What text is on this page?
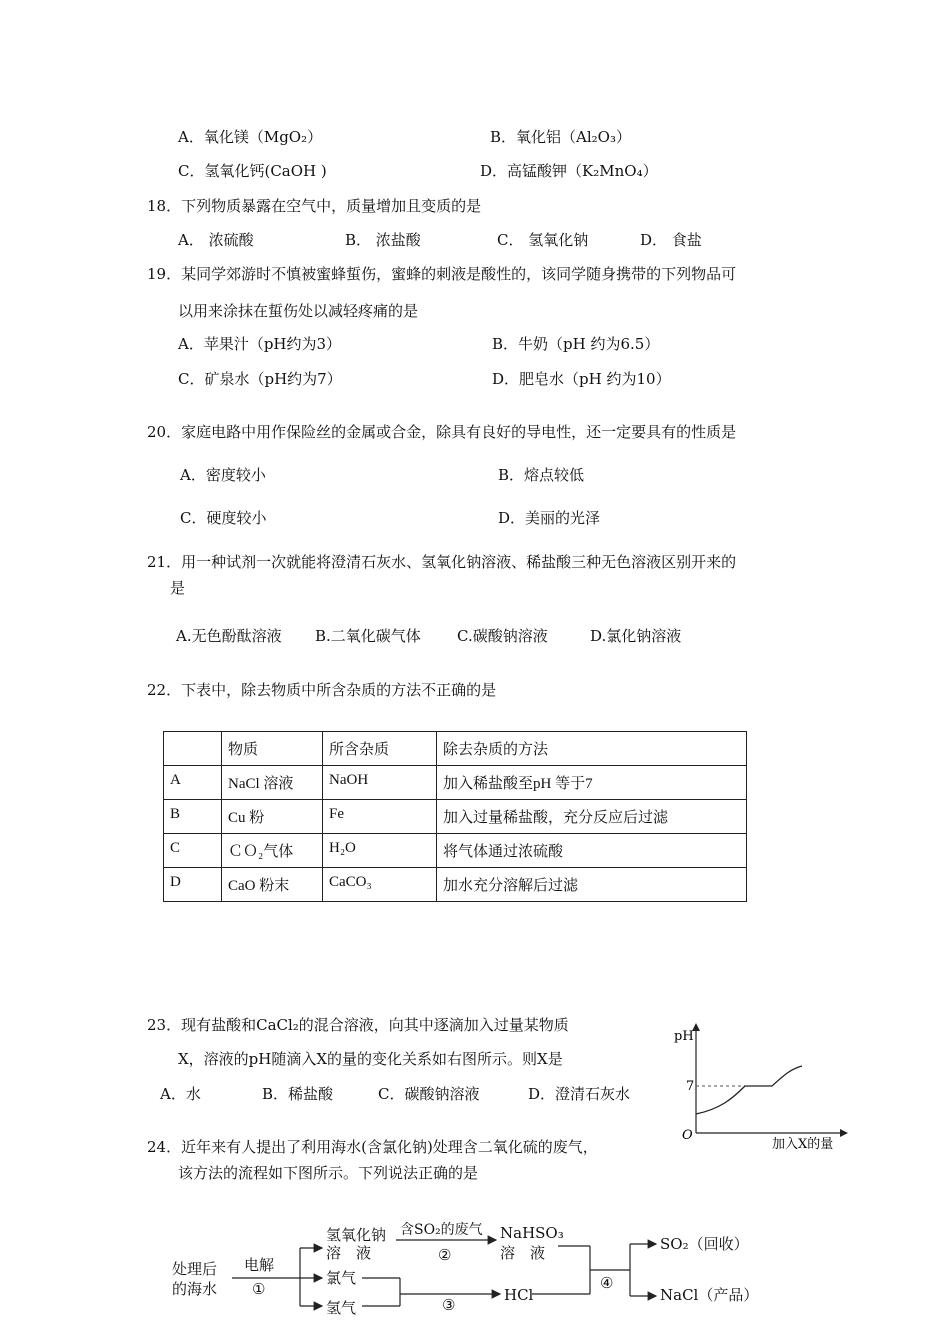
A．氧化镁（MgO₂）	B．氧化铝（Al₂O₃）
C．氢氧化钙(CaOH )	D．高锰酸钾（K₂MnO₄）
18．下列物质暴露在空气中，质量增加且变质的是
A． 浓硫酸	B． 浓盐酸	C． 氢氧化钠	D． 食盐
19．某同学郊游时不慎被蜜蜂蜇伤，蜜蜂的刺液是酸性的，该同学随身携带的下列物品可
以用来涂抹在蜇伤处以减轻疼痛的是
A．苹果汁（pH约为3）	B．牛奶（pH 约为6.5）
C．矿泉水（pH约为7）	D．肥皂水（pH 约为10）
20．家庭电路中用作保险丝的金属或合金，除具有良好的导电性，还一定要具有的性质是
A．密度较小	B．熔点较低
C．硬度较小	D．美丽的光泽
21．用一种试剂一次就能将澄清石灰水、氢氧化钠溶液、稀盐酸三种无色溶液区别开来的
是
A.无色酚酞溶液 B.二氧化碳气体 C.碳酸钠溶液	D.氯化钠溶液
22．下表中，除去物质中所含杂质的方法不正确的是
	物质	所含杂质	除去杂质的方法
A	NaCl 溶液	NaOH	加入稀盐酸至pH 等于7
B	Cu 粉	Fe	加入过量稀盐酸，充分反应后过滤
C	ＣＯ₂气体	H₂O	将气体通过浓硫酸
D	CaO 粉末	CaCO₃	加水充分溶解后过滤
23．现有盐酸和CaCl₂的混合溶液，向其中逐滴加入过量某物质
X，溶液的pH随滴入X的量的变化关系如右图所示。则X是
A．水	B．稀盐酸	C．碳酸钠溶液	D．澄清石灰水
pH
7
O
加入X的量
24．近年来有人提出了利用海水(含氯化钠)处理含二氧化硫的废气，
该方法的流程如下图所示。下列说法正确的是
处理后
的海水
电解
①
氢氧化钠
溶　液
氯气
氢气
含SO₂的废气
②
NaHSO₃
溶　液
③
HCl
④
SO₂（回收）
NaCl（产品）
